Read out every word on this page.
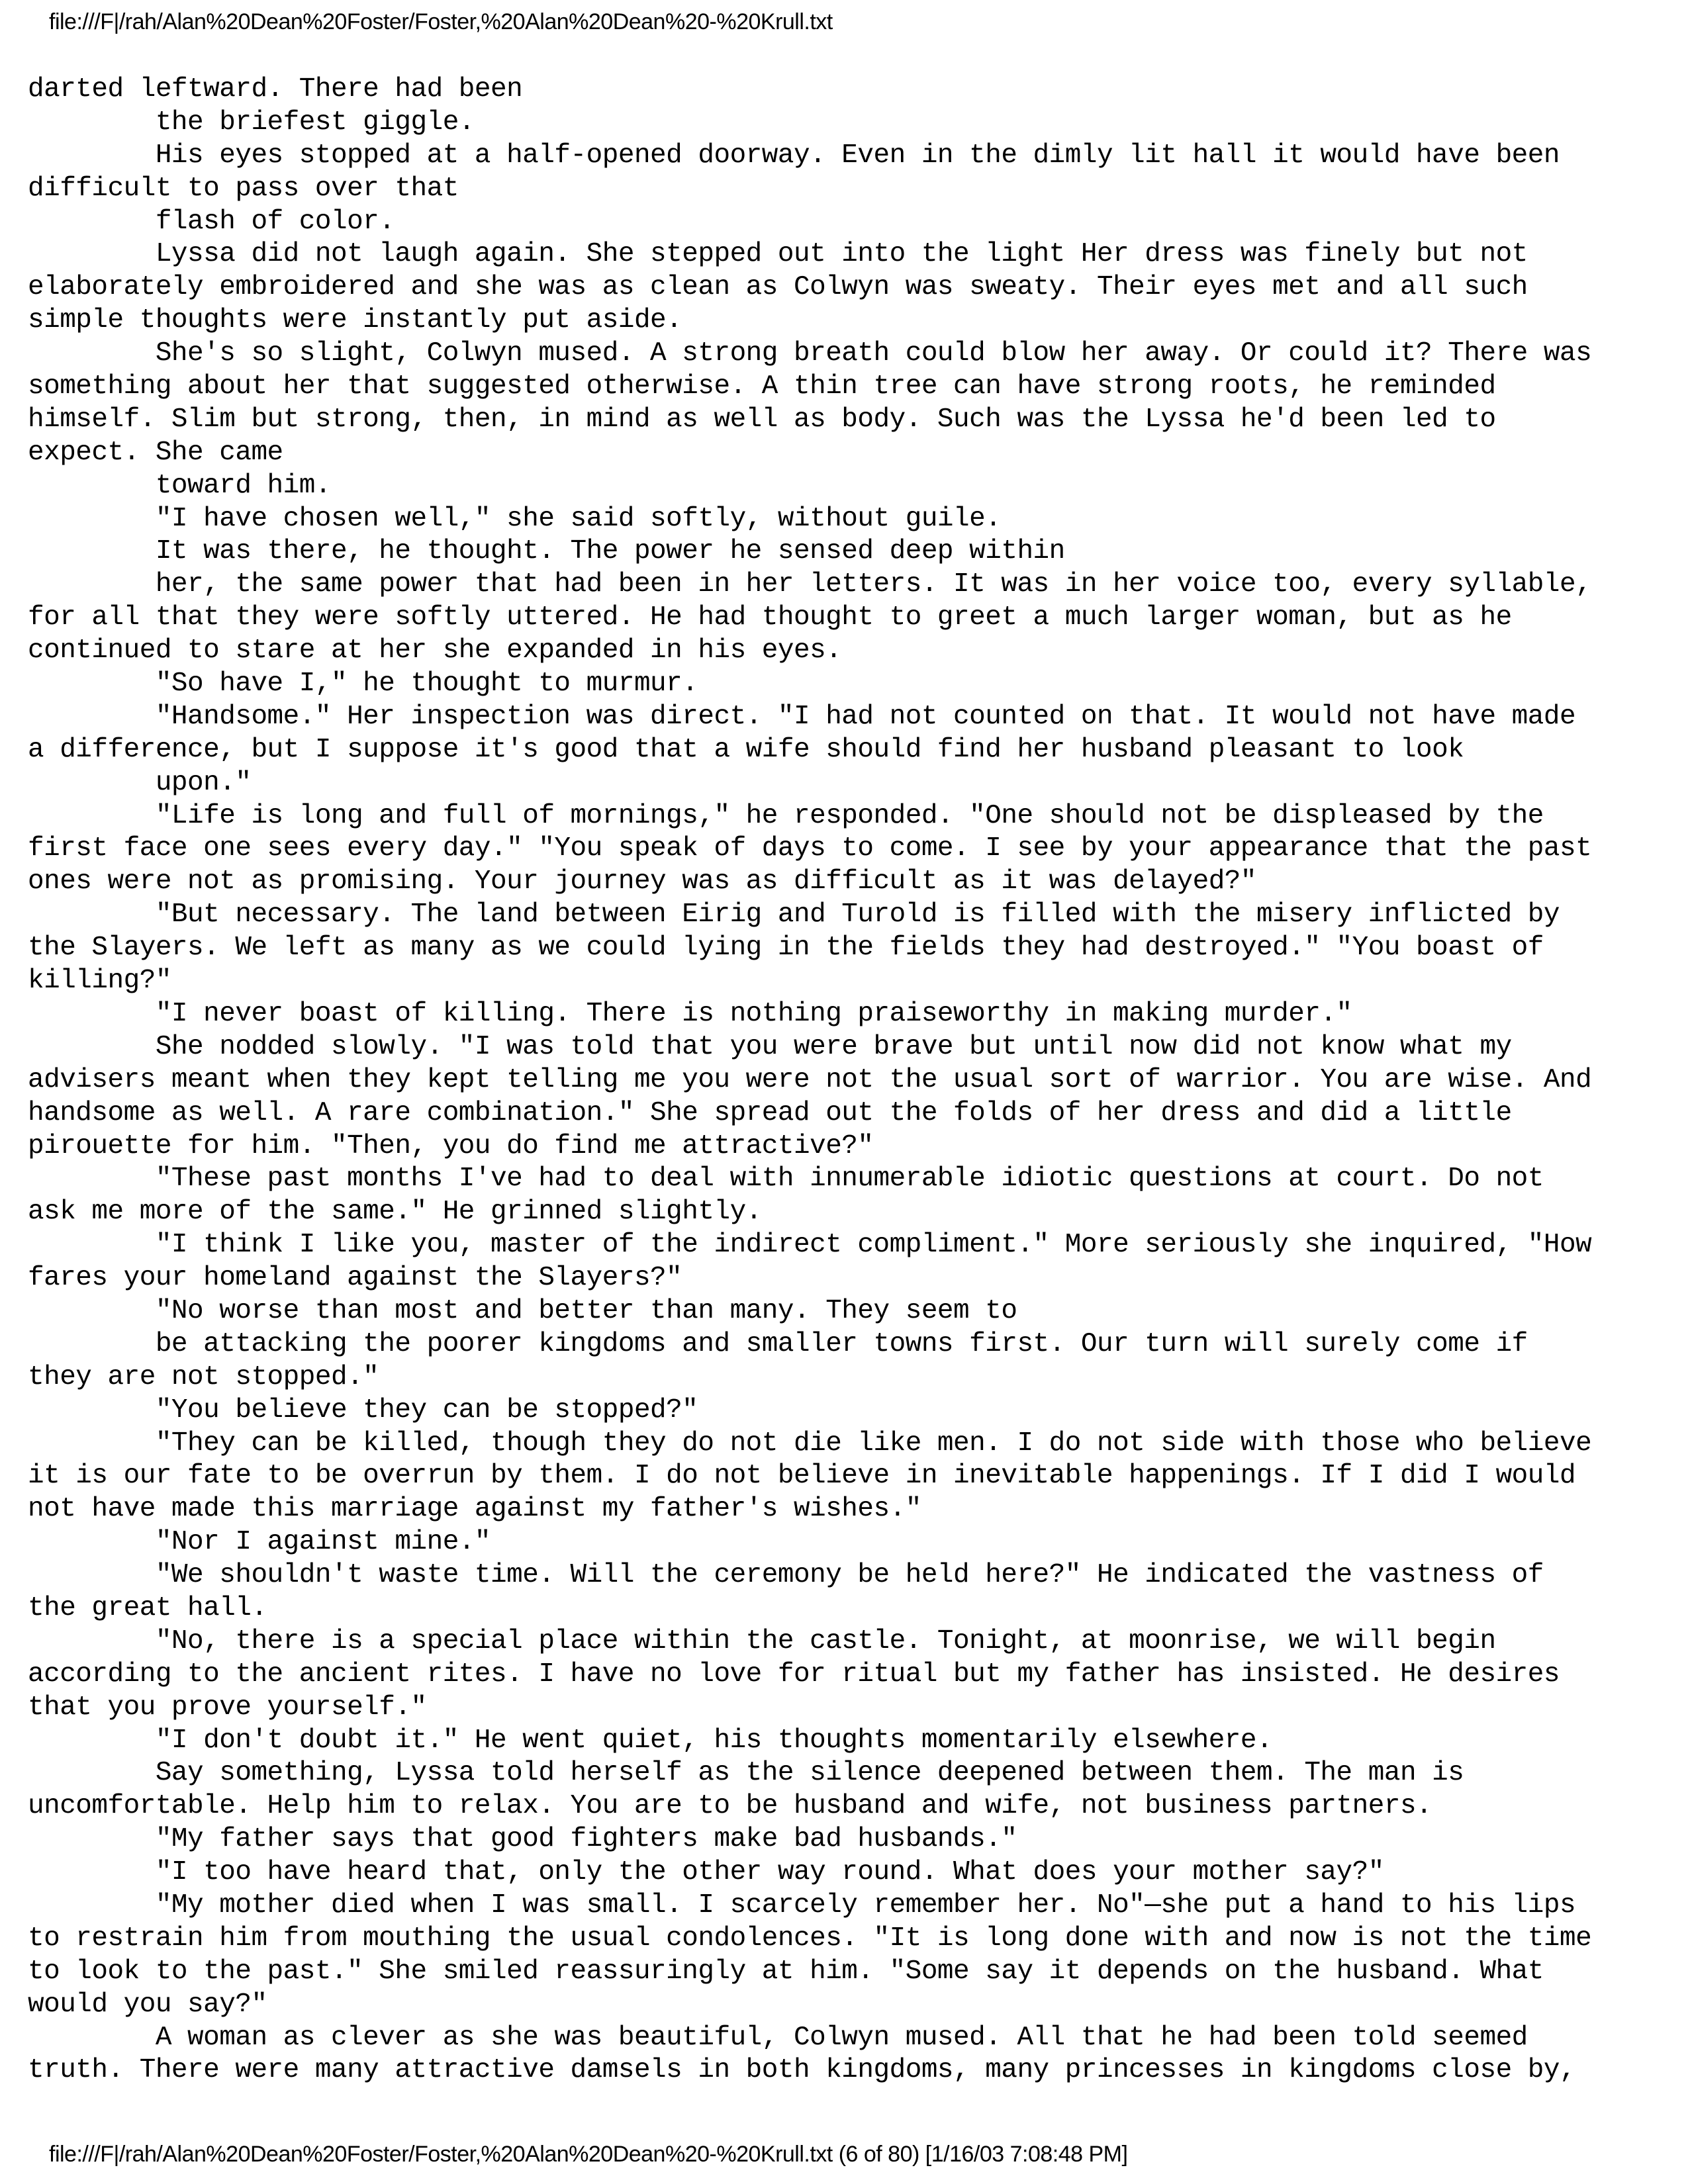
file:///F|/rah/Alan%20Dean%20Foster/Foster,%20Alan%20Dean%20-%20Krull.txt
darted leftward. There had been
the briefest giggle.
His eyes stopped at a half-opened doorway. Even in the dimly lit hall it would have been
difficult to pass over that
flash of color.
Lyssa did not laugh again. She stepped out into the light Her dress was finely but not
elaborately embroidered and she was as clean as Colwyn was sweaty. Their eyes met and all such
simple thoughts were instantly put aside.
She's so slight, Colwyn mused. A strong breath could blow her away. Or could it? There was
something about her that suggested otherwise. A thin tree can have strong roots, he reminded
himself. Slim but strong, then, in mind as well as body. Such was the Lyssa he'd been led to
expect. She came
toward him.
"I have chosen well," she said softly, without guile.
It was there, he thought. The power he sensed deep within
her, the same power that had been in her letters. It was in her voice too, every syllable,
for all that they were softly uttered. He had thought to greet a much larger woman, but as he
continued to stare at her she expanded in his eyes.
"So have I," he thought to murmur.
"Handsome." Her inspection was direct. "I had not counted on that. It would not have made
a difference, but I suppose it's good that a wife should find her husband pleasant to look
upon."
"Life is long and full of mornings," he responded. "One should not be displeased by the
first face one sees every day." "You speak of days to come. I see by your appearance that the past
ones were not as promising. Your journey was as difficult as it was delayed?"
"But necessary. The land between Eirig and Turold is filled with the misery inflicted by
the Slayers. We left as many as we could lying in the fields they had destroyed." "You boast of
killing?"
"I never boast of killing. There is nothing praiseworthy in making murder."
She nodded slowly. "I was told that you were brave but until now did not know what my
advisers meant when they kept telling me you were not the usual sort of warrior. You are wise. And
handsome as well. A rare combination." She spread out the folds of her dress and did a little
pirouette for him. "Then, you do find me attractive?"
"These past months I've had to deal with innumerable idiotic questions at court. Do not
ask me more of the same." He grinned slightly.
"I think I like you, master of the indirect compliment." More seriously she inquired, "How
fares your homeland against the Slayers?"
"No worse than most and better than many. They seem to
be attacking the poorer kingdoms and smaller towns first. Our turn will surely come if
they are not stopped."
"You believe they can be stopped?"
"They can be killed, though they do not die like men. I do not side with those who believe
it is our fate to be overrun by them. I do not believe in inevitable happenings. If I did I would
not have made this marriage against my father's wishes."
"Nor I against mine."
"We shouldn't waste time. Will the ceremony be held here?" He indicated the vastness of
the great hall.
"No, there is a special place within the castle. Tonight, at moonrise, we will begin
according to the ancient rites. I have no love for ritual but my father has insisted. He desires
that you prove yourself."
"I don't doubt it." He went quiet, his thoughts momentarily elsewhere.
Say something, Lyssa told herself as the silence deepened between them. The man is
uncomfortable. Help him to relax. You are to be husband and wife, not business partners.
"My father says that good fighters make bad husbands."
"I too have heard that, only the other way round. What does your mother say?"
"My mother died when I was small. I scarcely remember her. No"—she put a hand to his lips
to restrain him from mouthing the usual condolences. "It is long done with and now is not the time
to look to the past." She smiled reassuringly at him. "Some say it depends on the husband. What
would you say?"
A woman as clever as she was beautiful, Colwyn mused. All that he had been told seemed
truth. There were many attractive damsels in both kingdoms, many princesses in kingdoms close by,
file:///F|/rah/Alan%20Dean%20Foster/Foster,%20Alan%20Dean%20-%20Krull.txt (6 of 80) [1/16/03 7:08:48 PM]
